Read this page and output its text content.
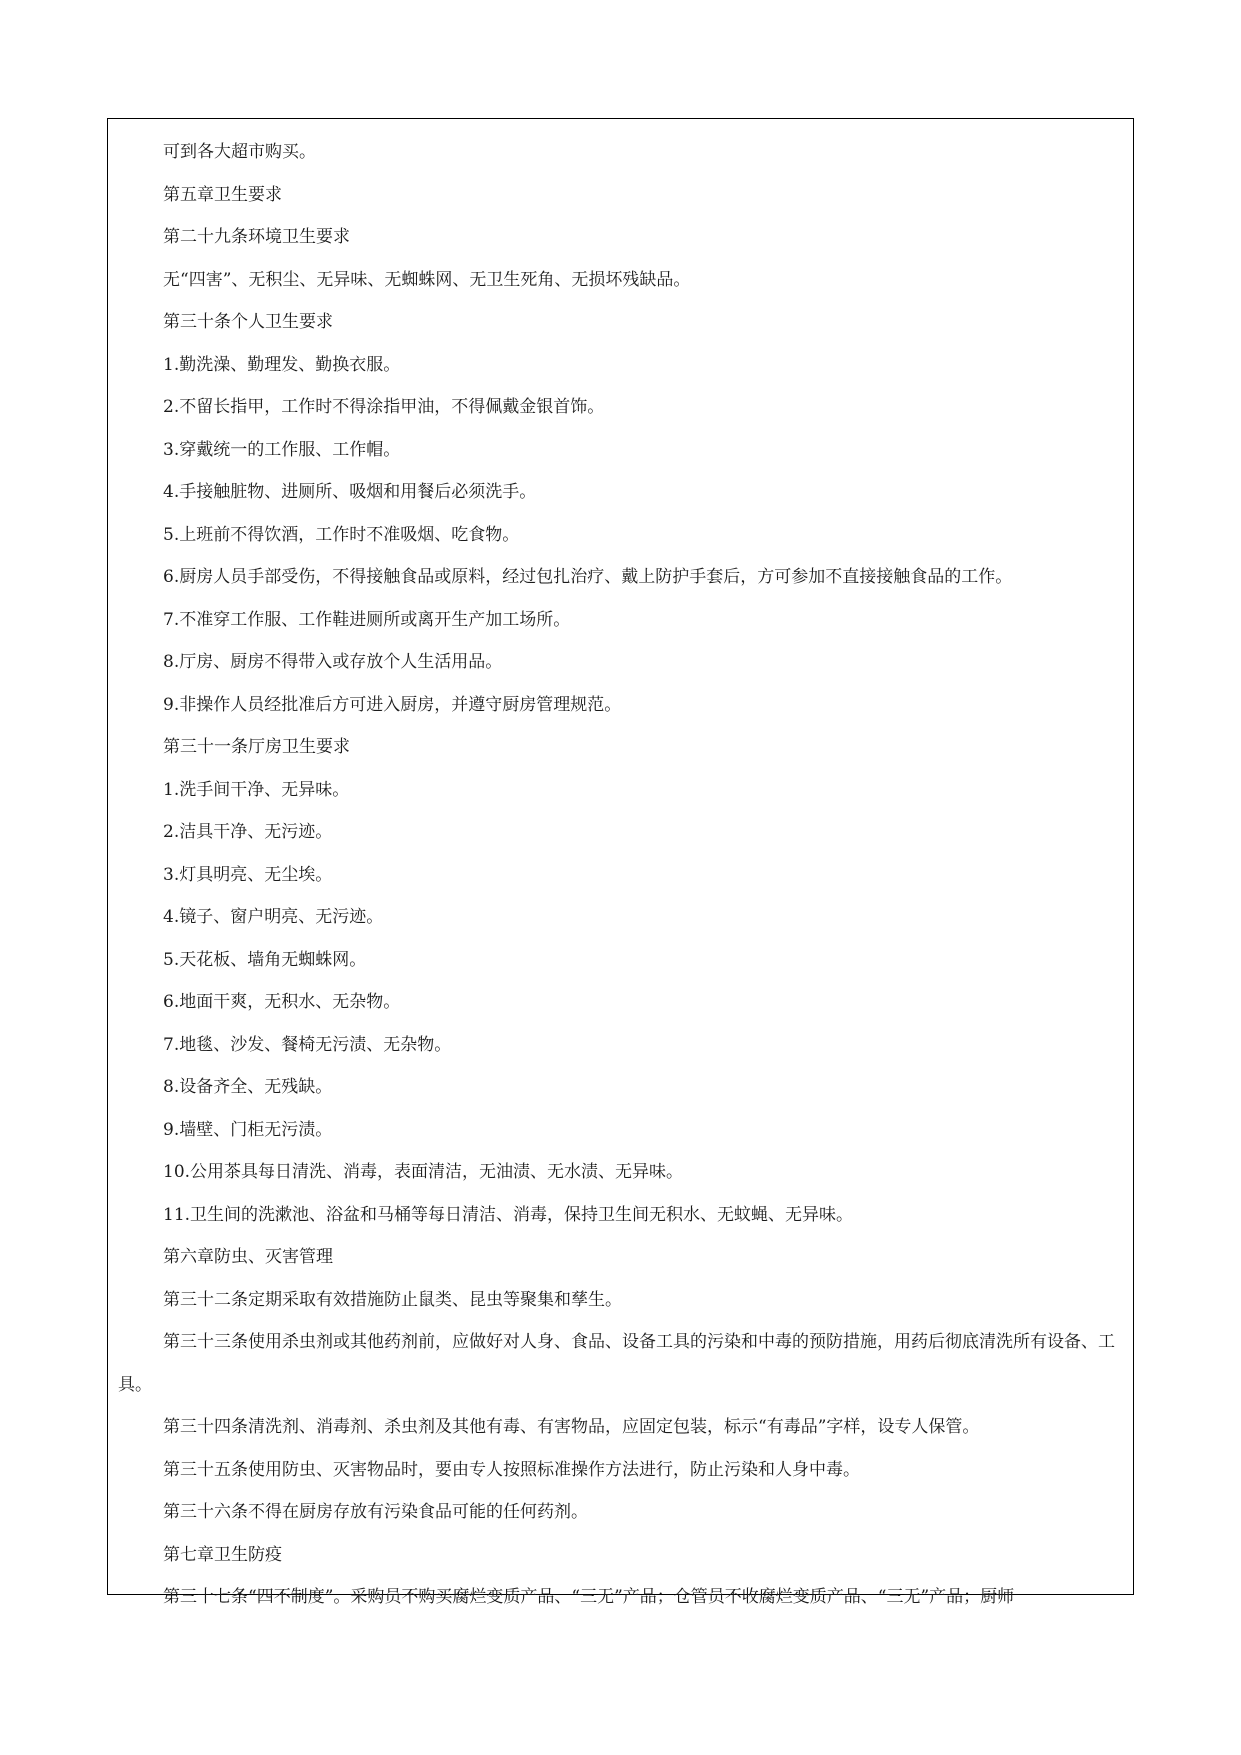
可到各大超市购买。

第五章卫生要求

第二十九条环境卫生要求

无“四害”、无积尘、无异味、无蜘蛛网、无卫生死角、无损坏残缺品。

第三十条个人卫生要求

1.勤洗澡、勤理发、勤换衣服。

2.不留长指甲，工作时不得涂指甲油，不得佩戴金银首饰。

3.穿戴统一的工作服、工作帽。

4.手接触脏物、进厕所、吸烟和用餐后必须洗手。

5.上班前不得饮酒，工作时不准吸烟、吃食物。

6.厨房人员手部受伤，不得接触食品或原料，经过包扎治疗、戴上防护手套后，方可参加不直接接触食品的工作。

7.不准穿工作服、工作鞋进厕所或离开生产加工场所。

8.厅房、厨房不得带入或存放个人生活用品。

9.非操作人员经批准后方可进入厨房，并遵守厨房管理规范。

第三十一条厅房卫生要求

1.洗手间干净、无异味。

2.洁具干净、无污迹。

3.灯具明亮、无尘埃。

4.镜子、窗户明亮、无污迹。

5.天花板、墙角无蜘蛛网。

6.地面干爽，无积水、无杂物。

7.地毯、沙发、餐椅无污渍、无杂物。

8.设备齐全、无残缺。

9.墙壁、门柜无污渍。

10.公用茶具每日清洗、消毒，表面清洁，无油渍、无水渍、无异味。

11.卫生间的洗漱池、浴盆和马桶等每日清洁、消毒，保持卫生间无积水、无蚊蝇、无异味。

第六章防虫、灭害管理

第三十二条定期采取有效措施防止鼠类、昆虫等聚集和孳生。

第三十三条使用杀虫剂或其他药剂前，应做好对人身、食品、设备工具的污染和中毒的预防措施，用药后彻底清洗所有设备、工具。

第三十四条清洗剂、消毒剂、杀虫剂及其他有毒、有害物品，应固定包装，标示“有毒品”字样，设专人保管。

第三十五条使用防虫、灭害物品时，要由专人按照标准操作方法进行，防止污染和人身中毒。

第三十六条不得在厨房存放有污染食品可能的任何药剂。

第七章卫生防疫

第三十七条“四不制度”。采购员不购买腐烂变质产品、“三无”产品；仓管员不收腐烂变质产品、“三无”产品；厨师
